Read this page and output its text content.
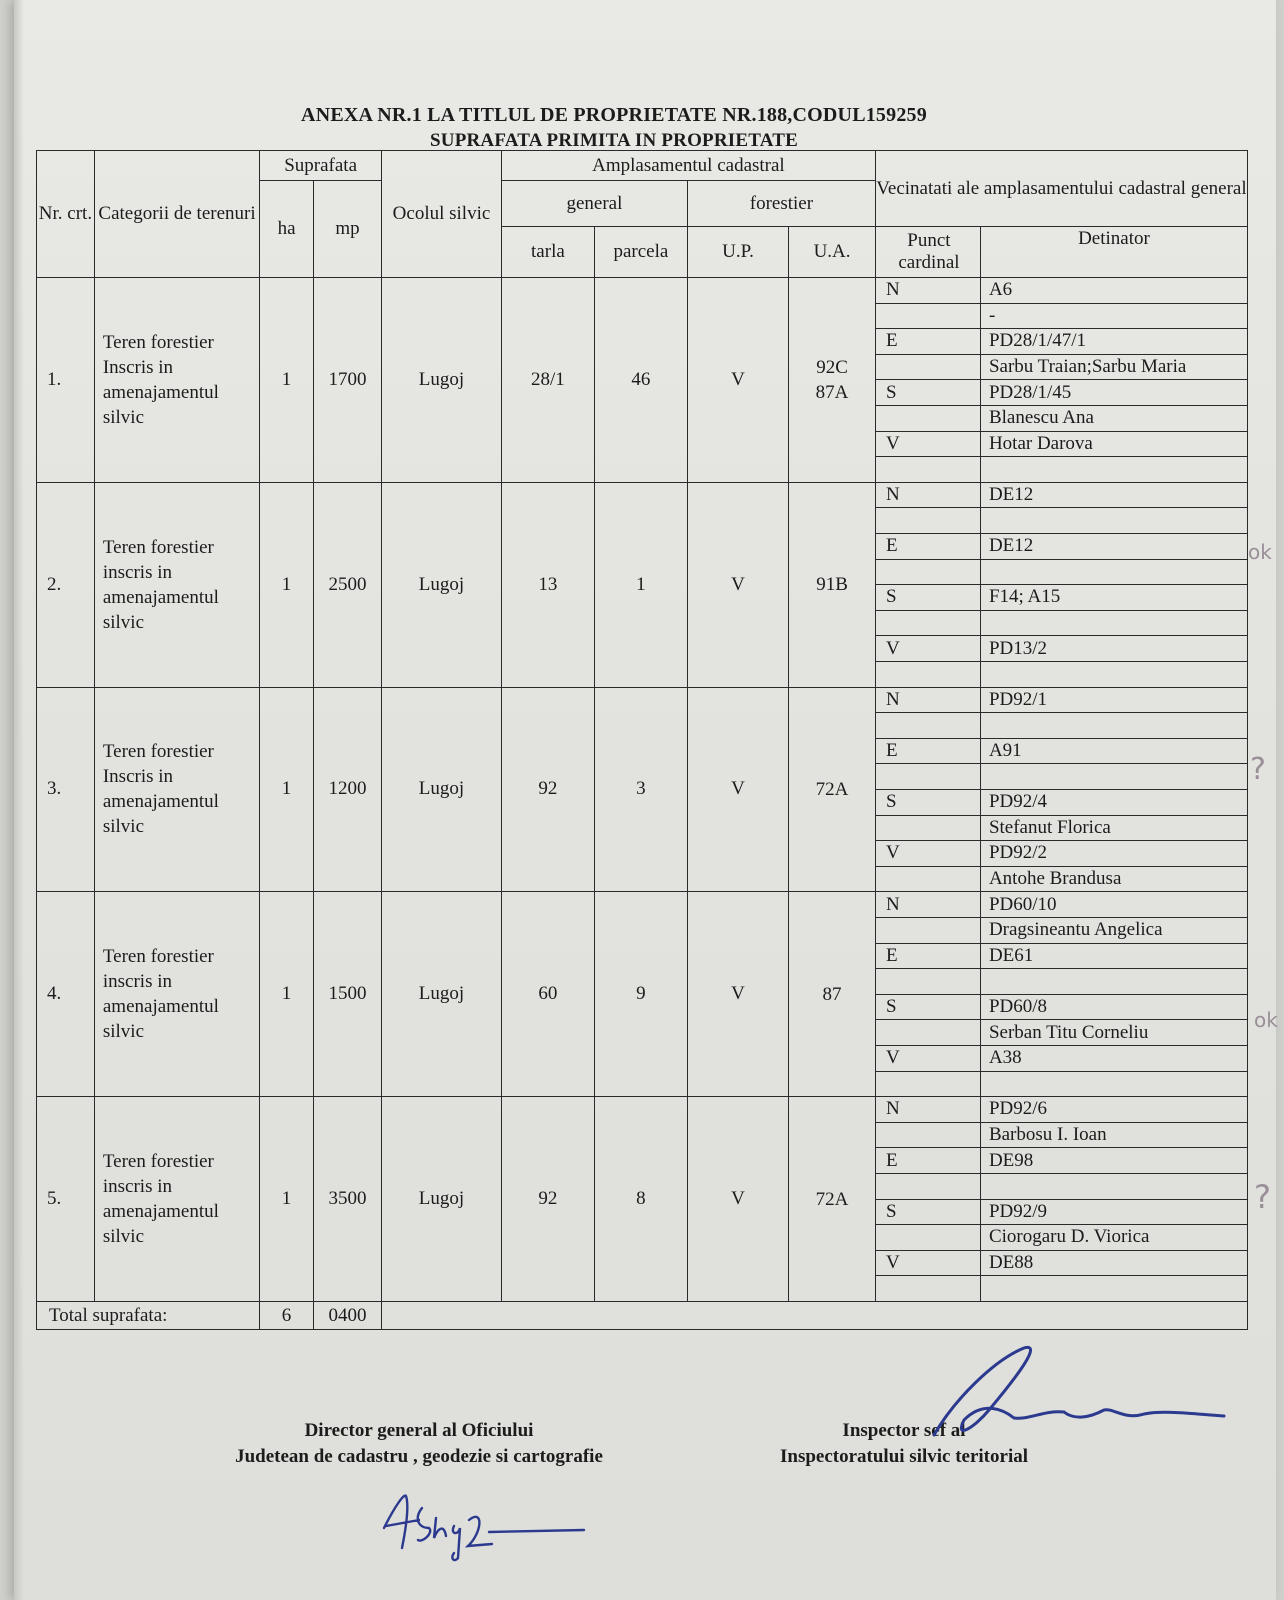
ANEXA NR.1 LA TITLUL DE PROPRIETATE NR.188,CODUL159259
SUPRAFATA PRIMITA IN PROPRIETATE
Nr. crt.	Categorii de terenuri	Suprafata	Ocolul silvic	Amplasamentul cadastral	Vecinatati ale amplasamentului cadastral general
ha	mp	general	forestier
tarla	parcela	U.P.	U.A.	
Punct cardinal	Detinator

1.	Teren forestier Inscris in amenajamentul silvic	1	1700	Lugoj	28/1	46	V	92C
87A	
N	A6
	-
E	PD28/1/47/1
	Sarbu Traian;Sarbu Maria
S	PD28/1/45
	Blanescu Ana
V	Hotar Darova

2.	Teren forestier inscris in amenajamentul silvic	1	2500	Lugoj	13	1	V	91B	
N	DE12

E	DE12

S	F14; A15

V	PD13/2

3.	Teren forestier Inscris in amenajamentul silvic	1	1200	Lugoj	92	3	V	72A	
N	PD92/1

E	A91

S	PD92/4
	Stefanut Florica
V	PD92/2
	Antohe Brandusa

4.	Teren forestier inscris in amenajamentul silvic	1	1500	Lugoj	60	9	V	87	
N	PD60/10
	Dragsineantu Angelica
E	DE61

S	PD60/8
	Serban Titu Corneliu
V	A38

5.	Teren forestier inscris in amenajamentul silvic	1	3500	Lugoj	92	8	V	72A	
N	PD92/6
	Barbosu I. Ioan
E	DE98

S	PD92/9
	Ciorogaru D. Viorica
V	DE88

Total suprafata:	6	0400	
Director general al Oficiului
Judetean de cadastru , geodezie si cartografie
Inspector sef al
Inspectoratului silvic teritorial
ok
?
ok
?
